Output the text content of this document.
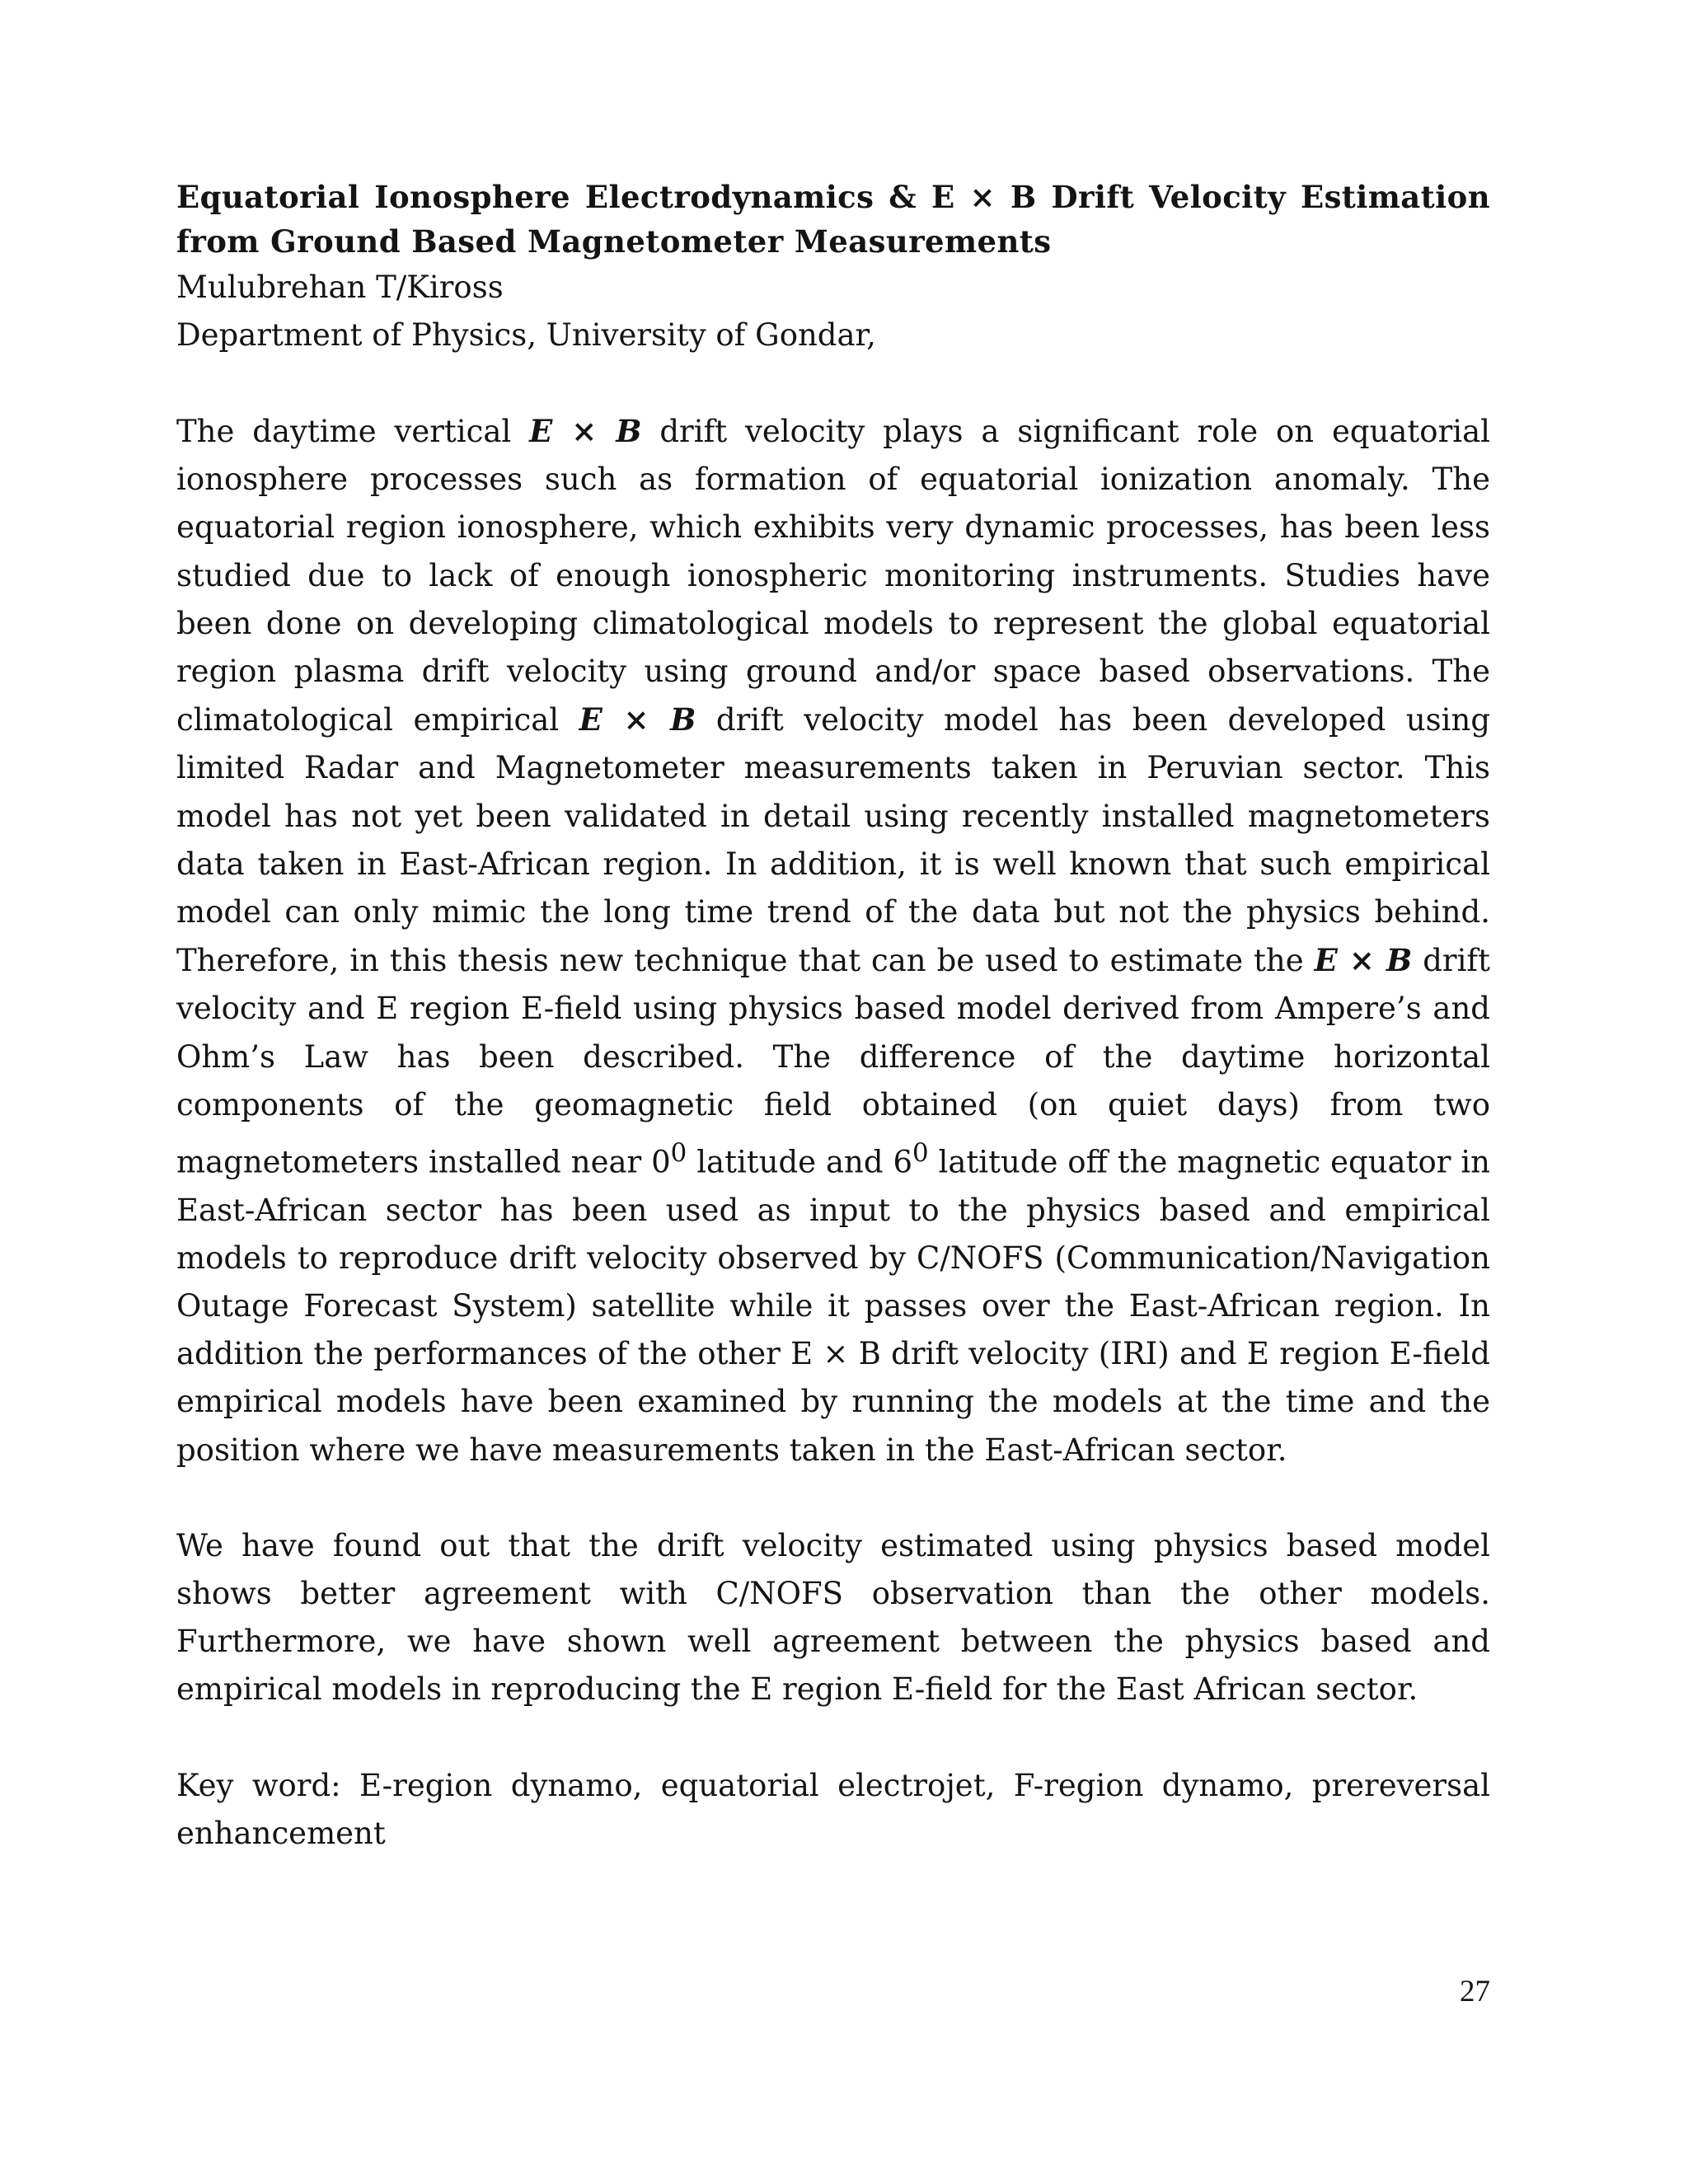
Equatorial Ionosphere Electrodynamics & E × B Drift Velocity Estimation from Ground Based Magnetometer Measurements

Mulubrehan T/Kiross

Department of Physics, University of Gondar,

The daytime vertical E × B drift velocity plays a significant role on equatorial ionosphere processes such as formation of equatorial ionization anomaly. The equatorial region ionosphere, which exhibits very dynamic processes, has been less studied due to lack of enough ionospheric monitoring instruments. Studies have been done on developing climatological models to represent the global equatorial region plasma drift velocity using ground and/or space based observations. The climatological empirical E × B drift velocity model has been developed using limited Radar and Magnetometer measurements taken in Peruvian sector. This model has not yet been validated in detail using recently installed magnetometers data taken in East-African region. In addition, it is well known that such empirical model can only mimic the long time trend of the data but not the physics behind. Therefore, in this thesis new technique that can be used to estimate the E × B drift velocity and E region E-field using physics based model derived from Ampere’s and Ohm’s Law has been described. The difference of the daytime horizontal components of the geomagnetic field obtained (on quiet days) from two magnetometers installed near $0^0$ latitude and $6^0$ latitude off the magnetic equator in East-African sector has been used as input to the physics based and empirical models to reproduce drift velocity observed by C/NOFS (Communication/Navigation Outage Forecast System) satellite while it passes over the East-African region. In addition the performances of the other E × B drift velocity (IRI) and E region E-field empirical models have been examined by running the models at the time and the position where we have measurements taken in the East-African sector.

We have found out that the drift velocity estimated using physics based model shows better agreement with C/NOFS observation than the other models. Furthermore, we have shown well agreement between the physics based and empirical models in reproducing the E region E-field for the East African sector.

Key word: E-region dynamo, equatorial electrojet, F-region dynamo, prereversal enhancement

27
